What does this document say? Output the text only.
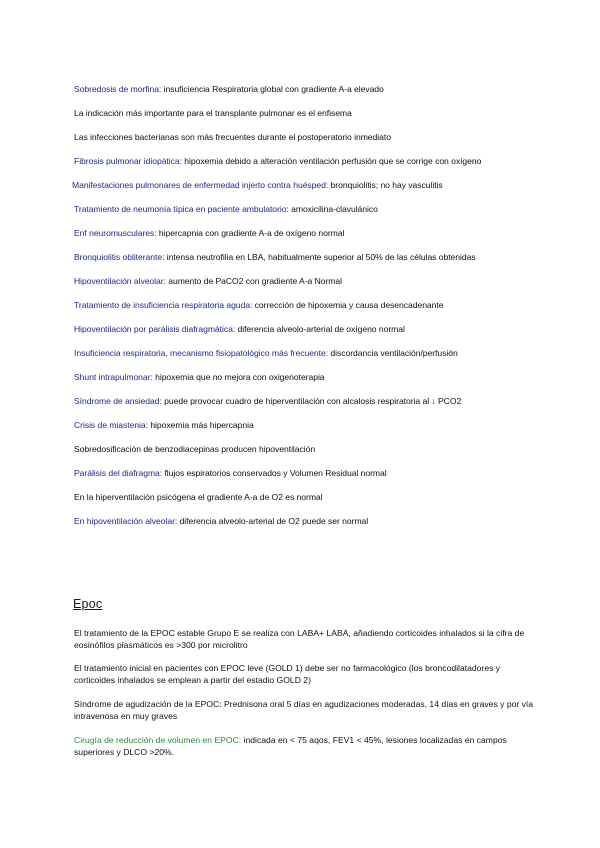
Sobredosis de morfina: insuficiencia Respiratoria global con gradiente A-a elevado
La indicación más importante para el transplante pulmonar es el enfisema
Las infecciones bacterianas son más frecuentes durante el postoperatorio inmediato
Fibrosis pulmonar idiopática: hipoxemia debido a alteración ventilación perfusión que se corrige con oxígeno
Manifestaciones pulmonares de enfermedad injerto contra huésped: bronquiolitis; no hay vasculitis
Tratamiento de neumonía típica en paciente ambulatorio: amoxicilina-clavulánico
Enf neuromusculares: hipercapnia con gradiente A-a de oxígeno normal
Bronquiolitis obliterante: intensa neutrofilia en LBA, habitualmente superior al 50% de las células obtenidas
Hipoventilación alveolar: aumento de PaCO2 con gradiente A-a Normal
Tratamiento de insuficiencia respiratoria aguda: corrección de hipoxemia y causa desencadenante
Hipoventilación por parálisis diafragmática: diferencia alveolo-arterial de oxígeno normal
Insuficiencia respiratoria, mecanismo fisiopatológico más frecuente: discordancia ventilación/perfusión
Shunt intrapulmonar: hipoxemia que no mejora con oxigenoterapia
Síndrome de ansiedad: puede provocar cuadro de hiperventilación con alcalosis respiratoria al ↓ PCO2
Crisis de miastenia: hipoxemia más hipercapnia
Sobredosificación de benzodiacepinas producen hipoventilación
Parálisis del diafragma: flujos espiratorios conservados y Volumen Residual normal
En la hiperventilación psicógena el gradiente A-a de O2 es normal
En hipoventilación alveolar: diferencia alveolo-arterial de O2 puede ser normal
Epoc
El tratamiento de la EPOC estable Grupo E se realiza con LABA+ LABA, añadiendo corticoides inhalados si la cifra de eosinófilos plasmáticos es >300 por microlitro
El tratamiento inicial en pacientes con EPOC leve (GOLD 1) debe ser no farmacológico (los broncodilatadores y corticoides inhalados se emplean a partir del estadio GOLD 2)
Síndrome de agudización de la EPOC: Prednisona oral 5 días en agudizaciones moderadas, 14 días en graves y por vía intravenosa en muy graves
Cirugía de reducción de volumen en EPOC: indicada en < 75 aqos, FEV1 < 45%, lesiones localizadas en campos superiores y DLCO >20%.
